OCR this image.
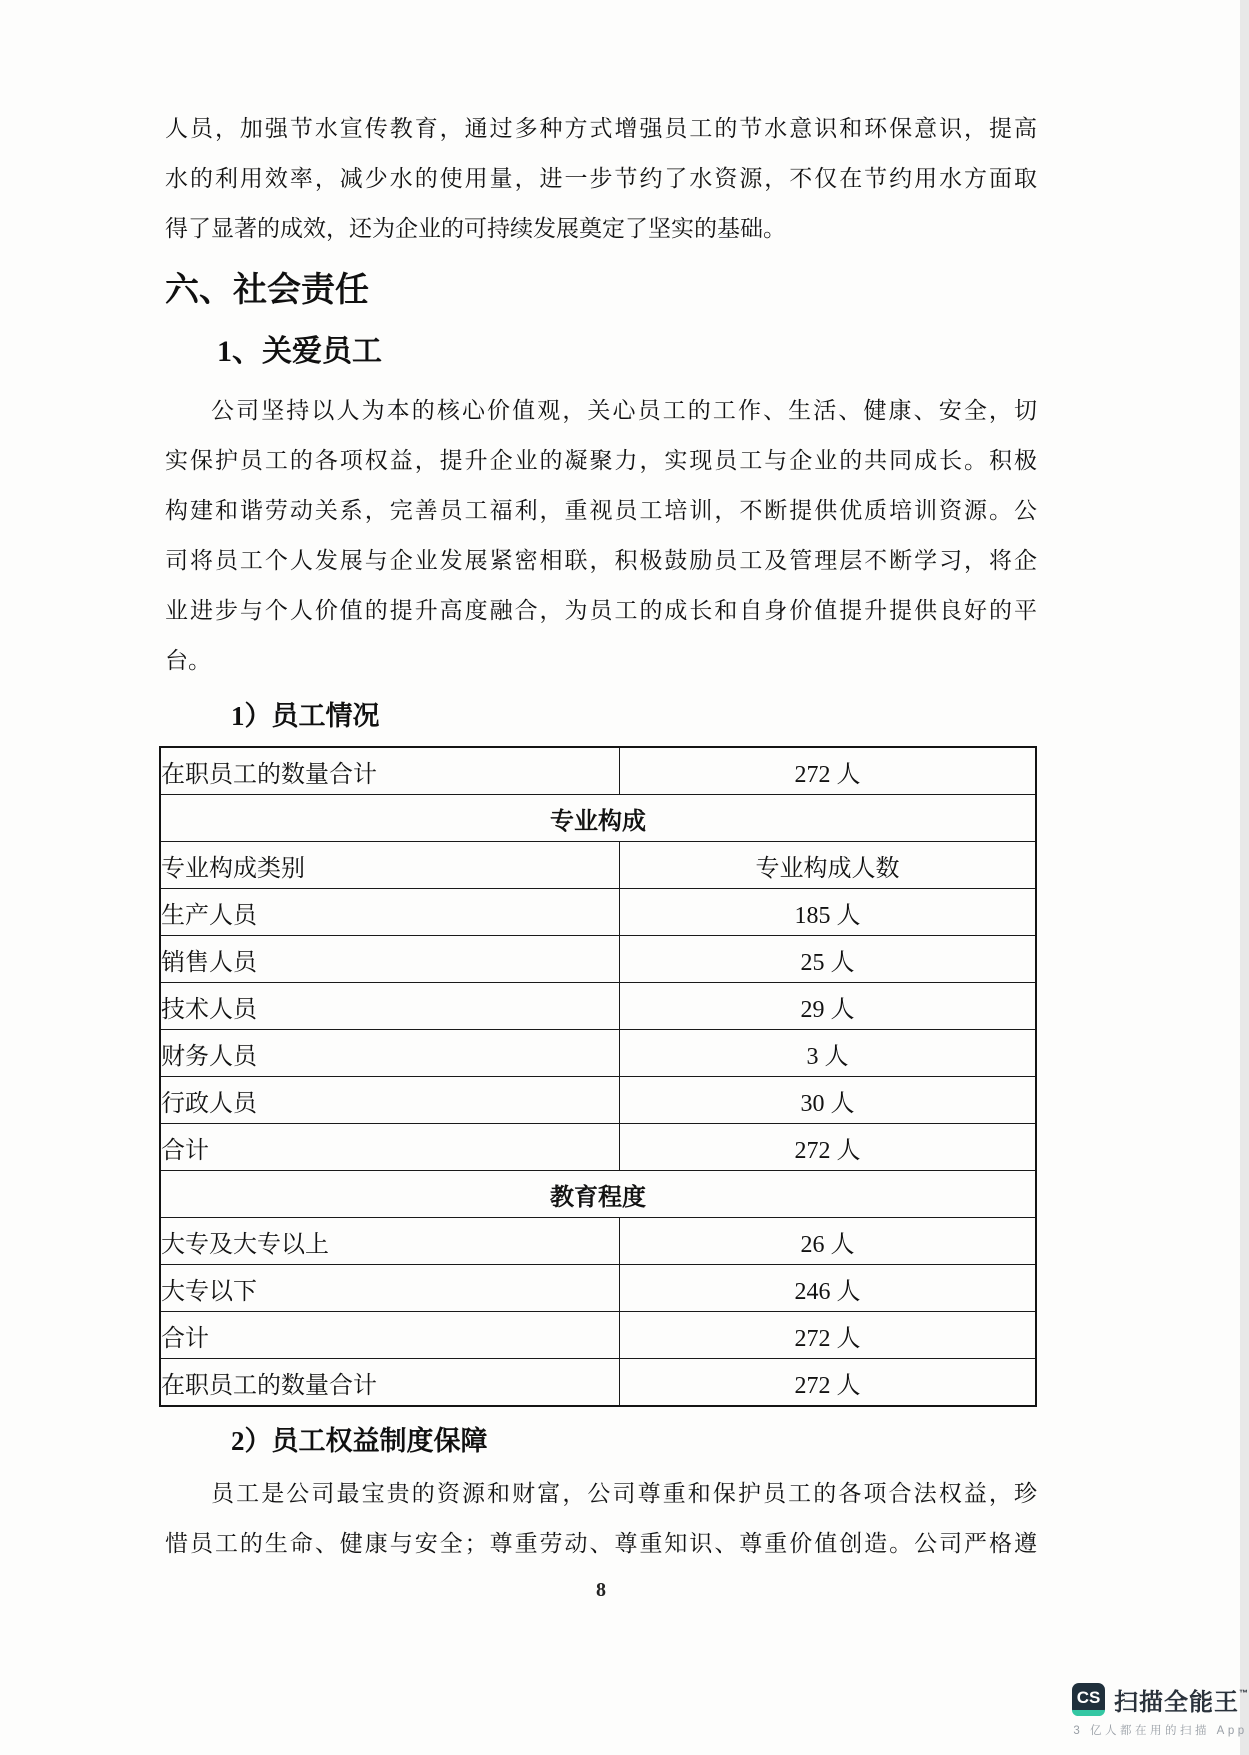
人员，加强节水宣传教育，通过多种方式增强员工的节水意识和环保意识，提高
水的利用效率，减少水的使用量，进一步节约了水资源，不仅在节约用水方面取
得了显著的成效，还为企业的可持续发展奠定了坚实的基础。
六、社会责任
1、关爱员工
公司坚持以人为本的核心价值观，关心员工的工作、生活、健康、安全，切
实保护员工的各项权益，提升企业的凝聚力，实现员工与企业的共同成长。积极
构建和谐劳动关系，完善员工福利，重视员工培训，不断提供优质培训资源。公
司将员工个人发展与企业发展紧密相联，积极鼓励员工及管理层不断学习，将企
业进步与个人价值的提升高度融合，为员工的成长和自身价值提升提供良好的平
台。
1）员工情况
在职员工的数量合计	272 人
专业构成	
专业构成类别	专业构成人数
生产人员	185 人
销售人员	25 人
技术人员	29 人
财务人员	3 人
行政人员	30 人
合计	272 人
教育程度	
大专及大专以上	26 人
大专以下	246 人
合计	272 人
在职员工的数量合计	272 人
2）员工权益制度保障
员工是公司最宝贵的资源和财富，公司尊重和保护员工的各项合法权益，珍
惜员工的生命、健康与安全；尊重劳动、尊重知识、尊重价值创造。公司严格遵
8
CS 扫描全能王™
3 亿人都在用的扫描 App
